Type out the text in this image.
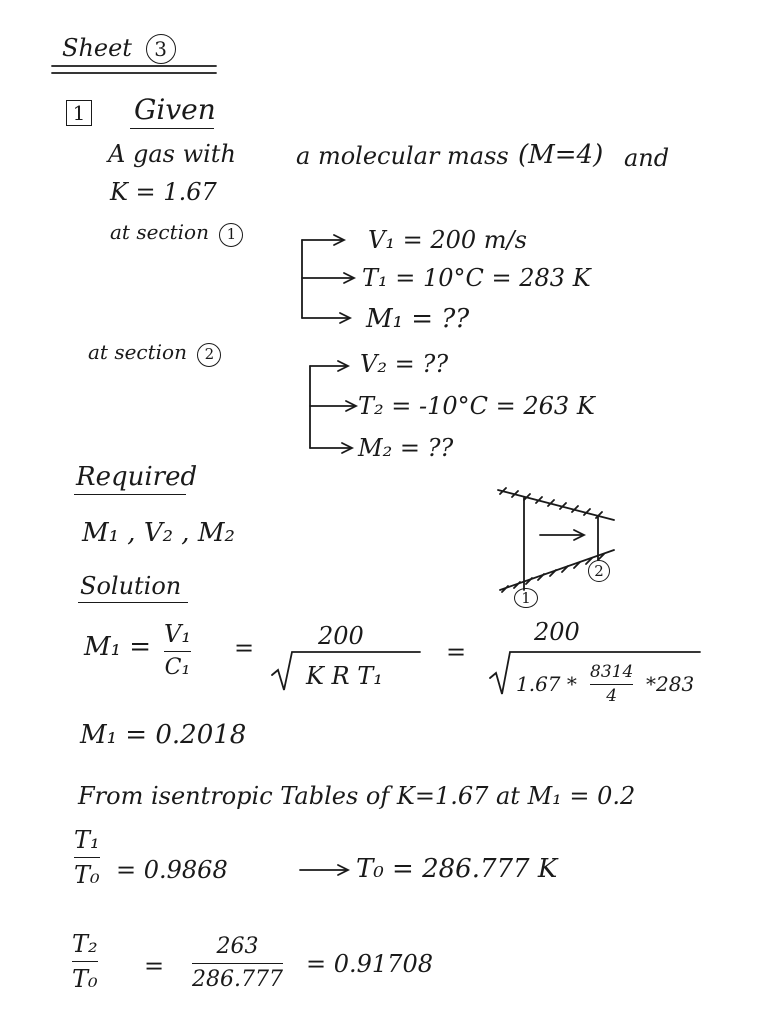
Sheet 3
1 Given
A gas with	a molecular mass (M=4) and
K = 1.67
at section 1	V₁ = 200 m/s
T₁ = 10°C = 283 K
M₁ = ??
at section 2	V₂ = ??
T₂ = -10°C = 263 K
M₂ = ??
Required
M₁ , V₂ , M₂
1
2
Solution
M₁ = V₁
C₁
=	200
K R T₁
=
200
1.67 * 8314
4 *283
M₁ = 0.2018
From isentropic Tables of K=1.67 at M₁ = 0.2
T₁
T₀ = 0.9868	T₀ = 286.777 K
T₂
T₀ =
263
286.777
= 0.91708
